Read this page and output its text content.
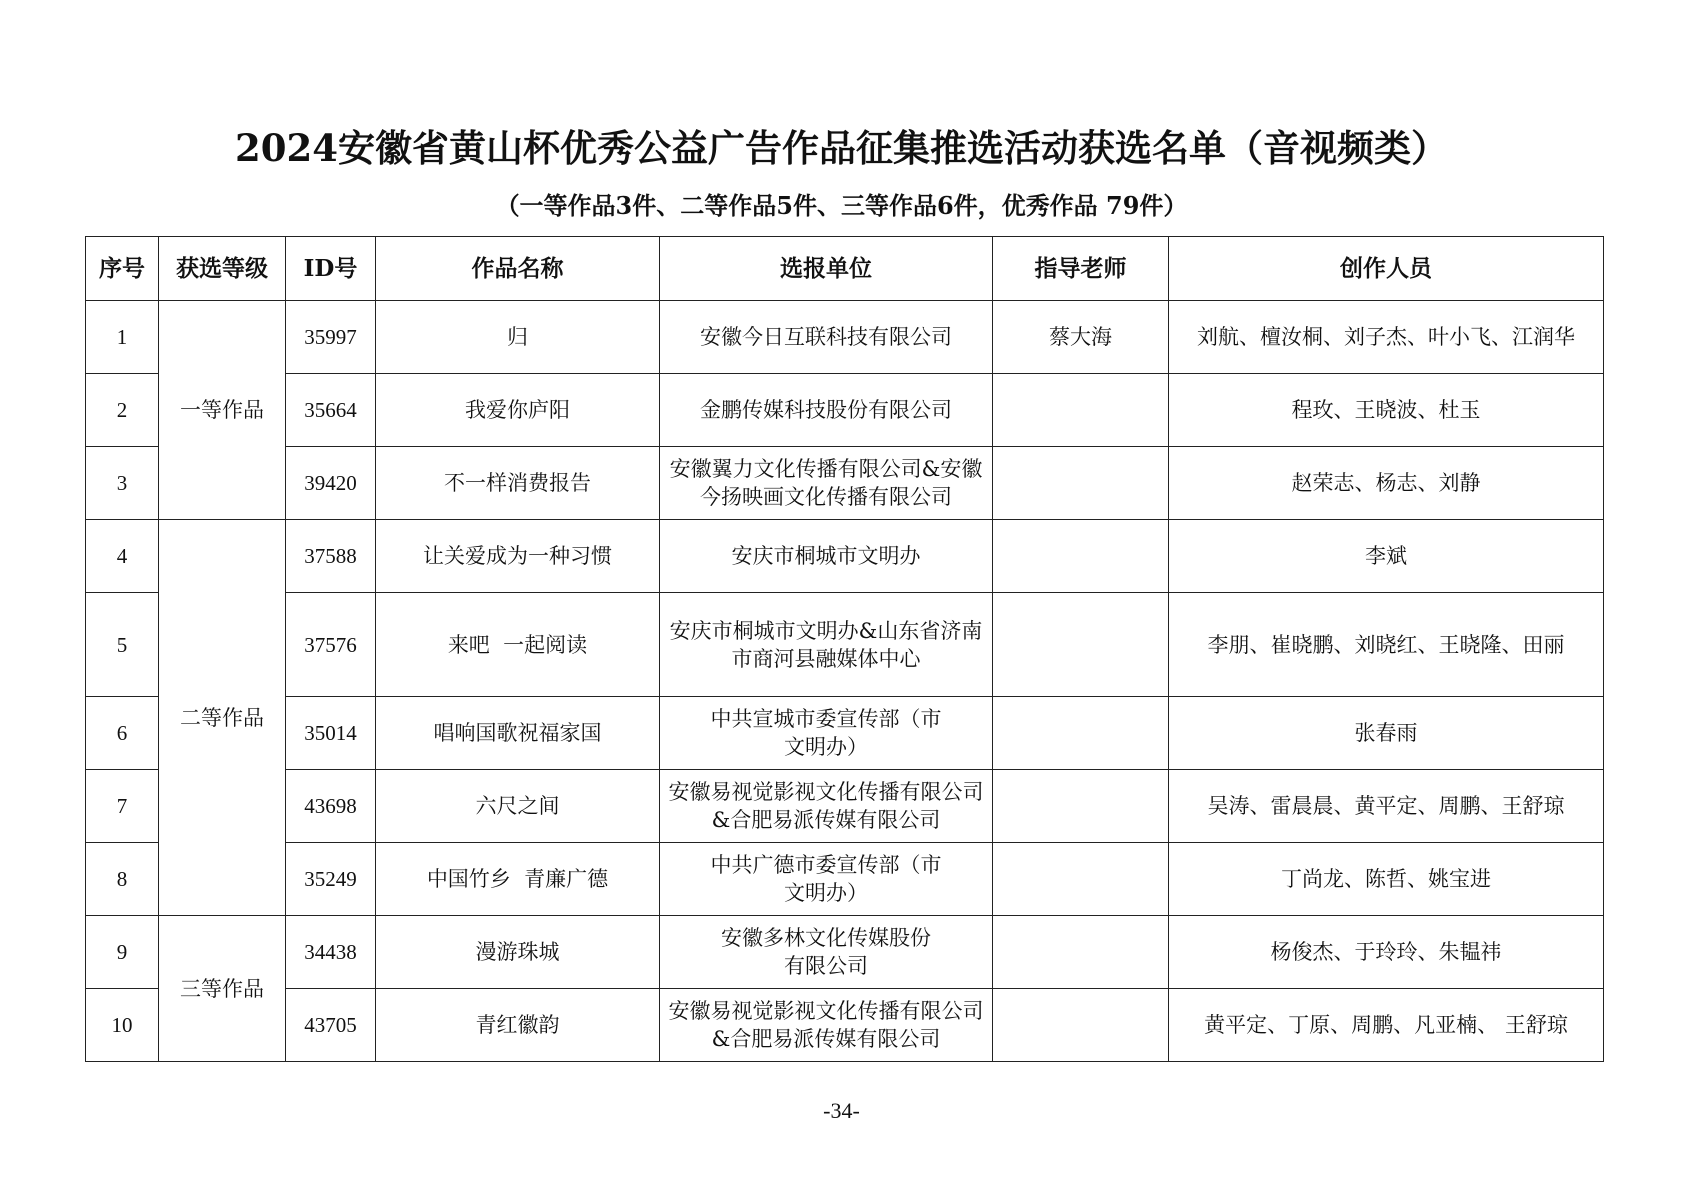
2024安徽省黄山杯优秀公益广告作品征集推选活动获选名单（音视频类）
（一等作品3件、二等作品5件、三等作品6件，优秀作品 79件）
序号	获选等级	ID号	作品名称	选报单位	指导老师	创作人员
1	一等作品	35997	归	安徽今日互联科技有限公司	蔡大海	刘航、檀汝桐、刘子杰、叶小飞、江润华
2		35664	我爱你庐阳	金鹏传媒科技股份有限公司		程玫、王晓波、杜玉
3		39420	不一样消费报告	安徽翼力文化传播有限公司&安徽今扬映画文化传播有限公司		赵荣志、杨志、刘静
4	二等作品	37588	让关爱成为一种习惯	安庆市桐城市文明办		李斌
5		37576	来吧  一起阅读	安庆市桐城市文明办&山东省济南市商河县融媒体中心		李朋、崔晓鹏、刘晓红、王晓隆、田丽
6		35014	唱响国歌祝福家国	中共宣城市委宣传部（市文明办）		张春雨
7		43698	六尺之间	安徽易视觉影视文化传播有限公司&合肥易派传媒有限公司		吴涛、雷晨晨、黄平定、周鹏、王舒琼
8		35249	中国竹乡  青廉广德	中共广德市委宣传部（市文明办）		丁尚龙、陈哲、姚宝进
9	三等作品	34438	漫游珠城	安徽多林文化传媒股份有限公司		杨俊杰、于玲玲、朱韫祎
10		43705	青红徽韵	安徽易视觉影视文化传播有限公司&合肥易派传媒有限公司		黄平定、丁原、周鹏、凡亚楠、 王舒琼
-34-
